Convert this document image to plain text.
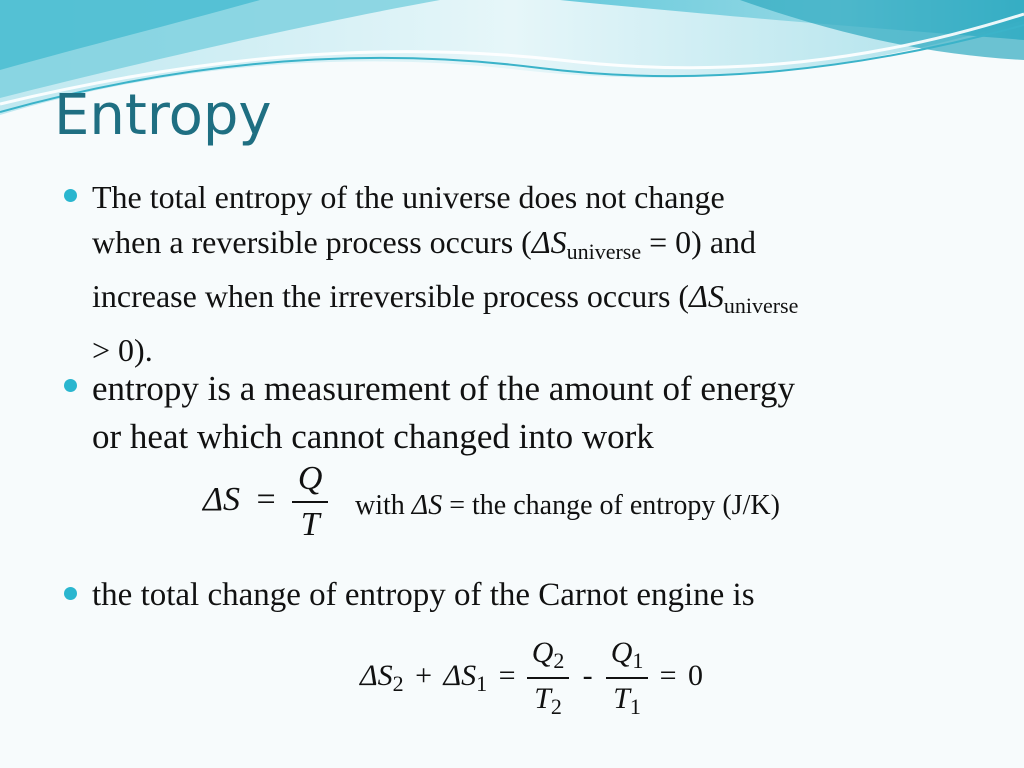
Entropy
The total entropy of the universe does not change
when a reversible process occurs $(\Delta S_{universe} = 0)$ and
increase when the irreversible process occurs ($\Delta S_{universe}$
> 0).
entropy is a measurement of the amount of energy
or heat which cannot changed into work
$\Delta S = \frac{Q}{T}$ with ΔS = the change of entropy (J/K)
the total change of entropy of the Carnot engine is
$\Delta S_2 + \Delta S_1 = \frac{Q_2}{T_2} - \frac{Q_1}{T_1} = 0$
